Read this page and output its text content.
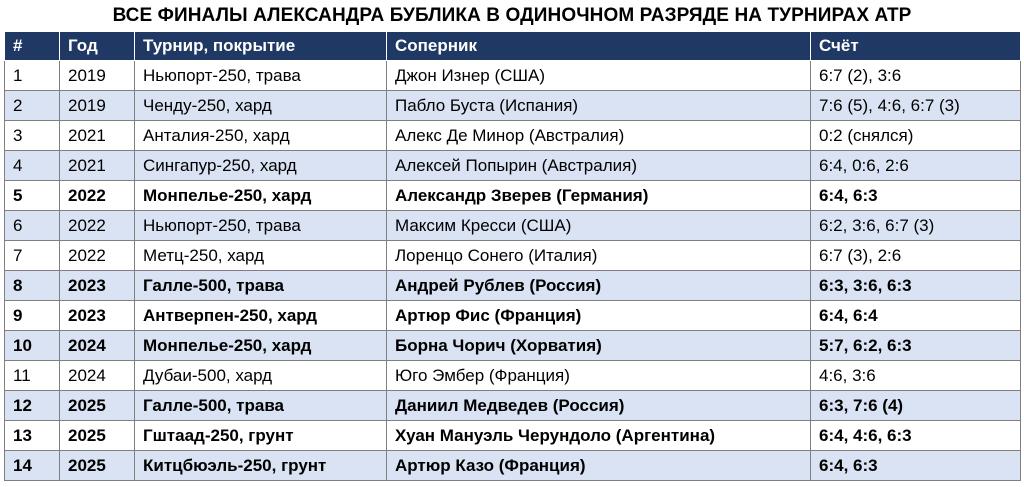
ВСЕ ФИНАЛЫ АЛЕКСАНДРА БУБЛИКА В ОДИНОЧНОМ РАЗРЯДЕ НА ТУРНИРАХ ATP
#	Год	Турнир, покрытие	Соперник	Счёт
1	2019	Ньюпорт-250, трава	Джон Изнер (США)	6:7 (2), 3:6
2	2019	Ченду-250, хард	Пабло Буста (Испания)	7:6 (5), 4:6, 6:7 (3)
3	2021	Анталия-250, хард	Алекс Де Минор (Австралия)	0:2 (снялся)
4	2021	Сингапур-250, хард	Алексей Попырин (Австралия)	6:4, 0:6, 2:6
5	2022	Монпелье-250, хард	Александр Зверев (Германия)	6:4, 6:3
6	2022	Ньюпорт-250, трава	Максим Кресси (США)	6:2, 3:6, 6:7 (3)
7	2022	Метц-250, хард	Лоренцо Сонего (Италия)	6:7 (3), 2:6
8	2023	Галле-500, трава	Андрей Рублев (Россия)	6:3, 3:6, 6:3
9	2023	Антверпен-250, хард	Артюр Фис (Франция)	6:4, 6:4
10	2024	Монпелье-250, хард	Борна Чорич (Хорватия)	5:7, 6:2, 6:3
11	2024	Дубаи-500, хард	Юго Эмбер (Франция)	4:6, 3:6
12	2025	Галле-500, трава	Даниил Медведев (Россия)	6:3, 7:6 (4)
13	2025	Гштаад-250, грунт	Хуан Мануэль Черундоло (Аргентина)	6:4, 4:6, 6:3
14	2025	Китцбюэль-250, грунт	Артюр Казо (Франция)	6:4, 6:3
